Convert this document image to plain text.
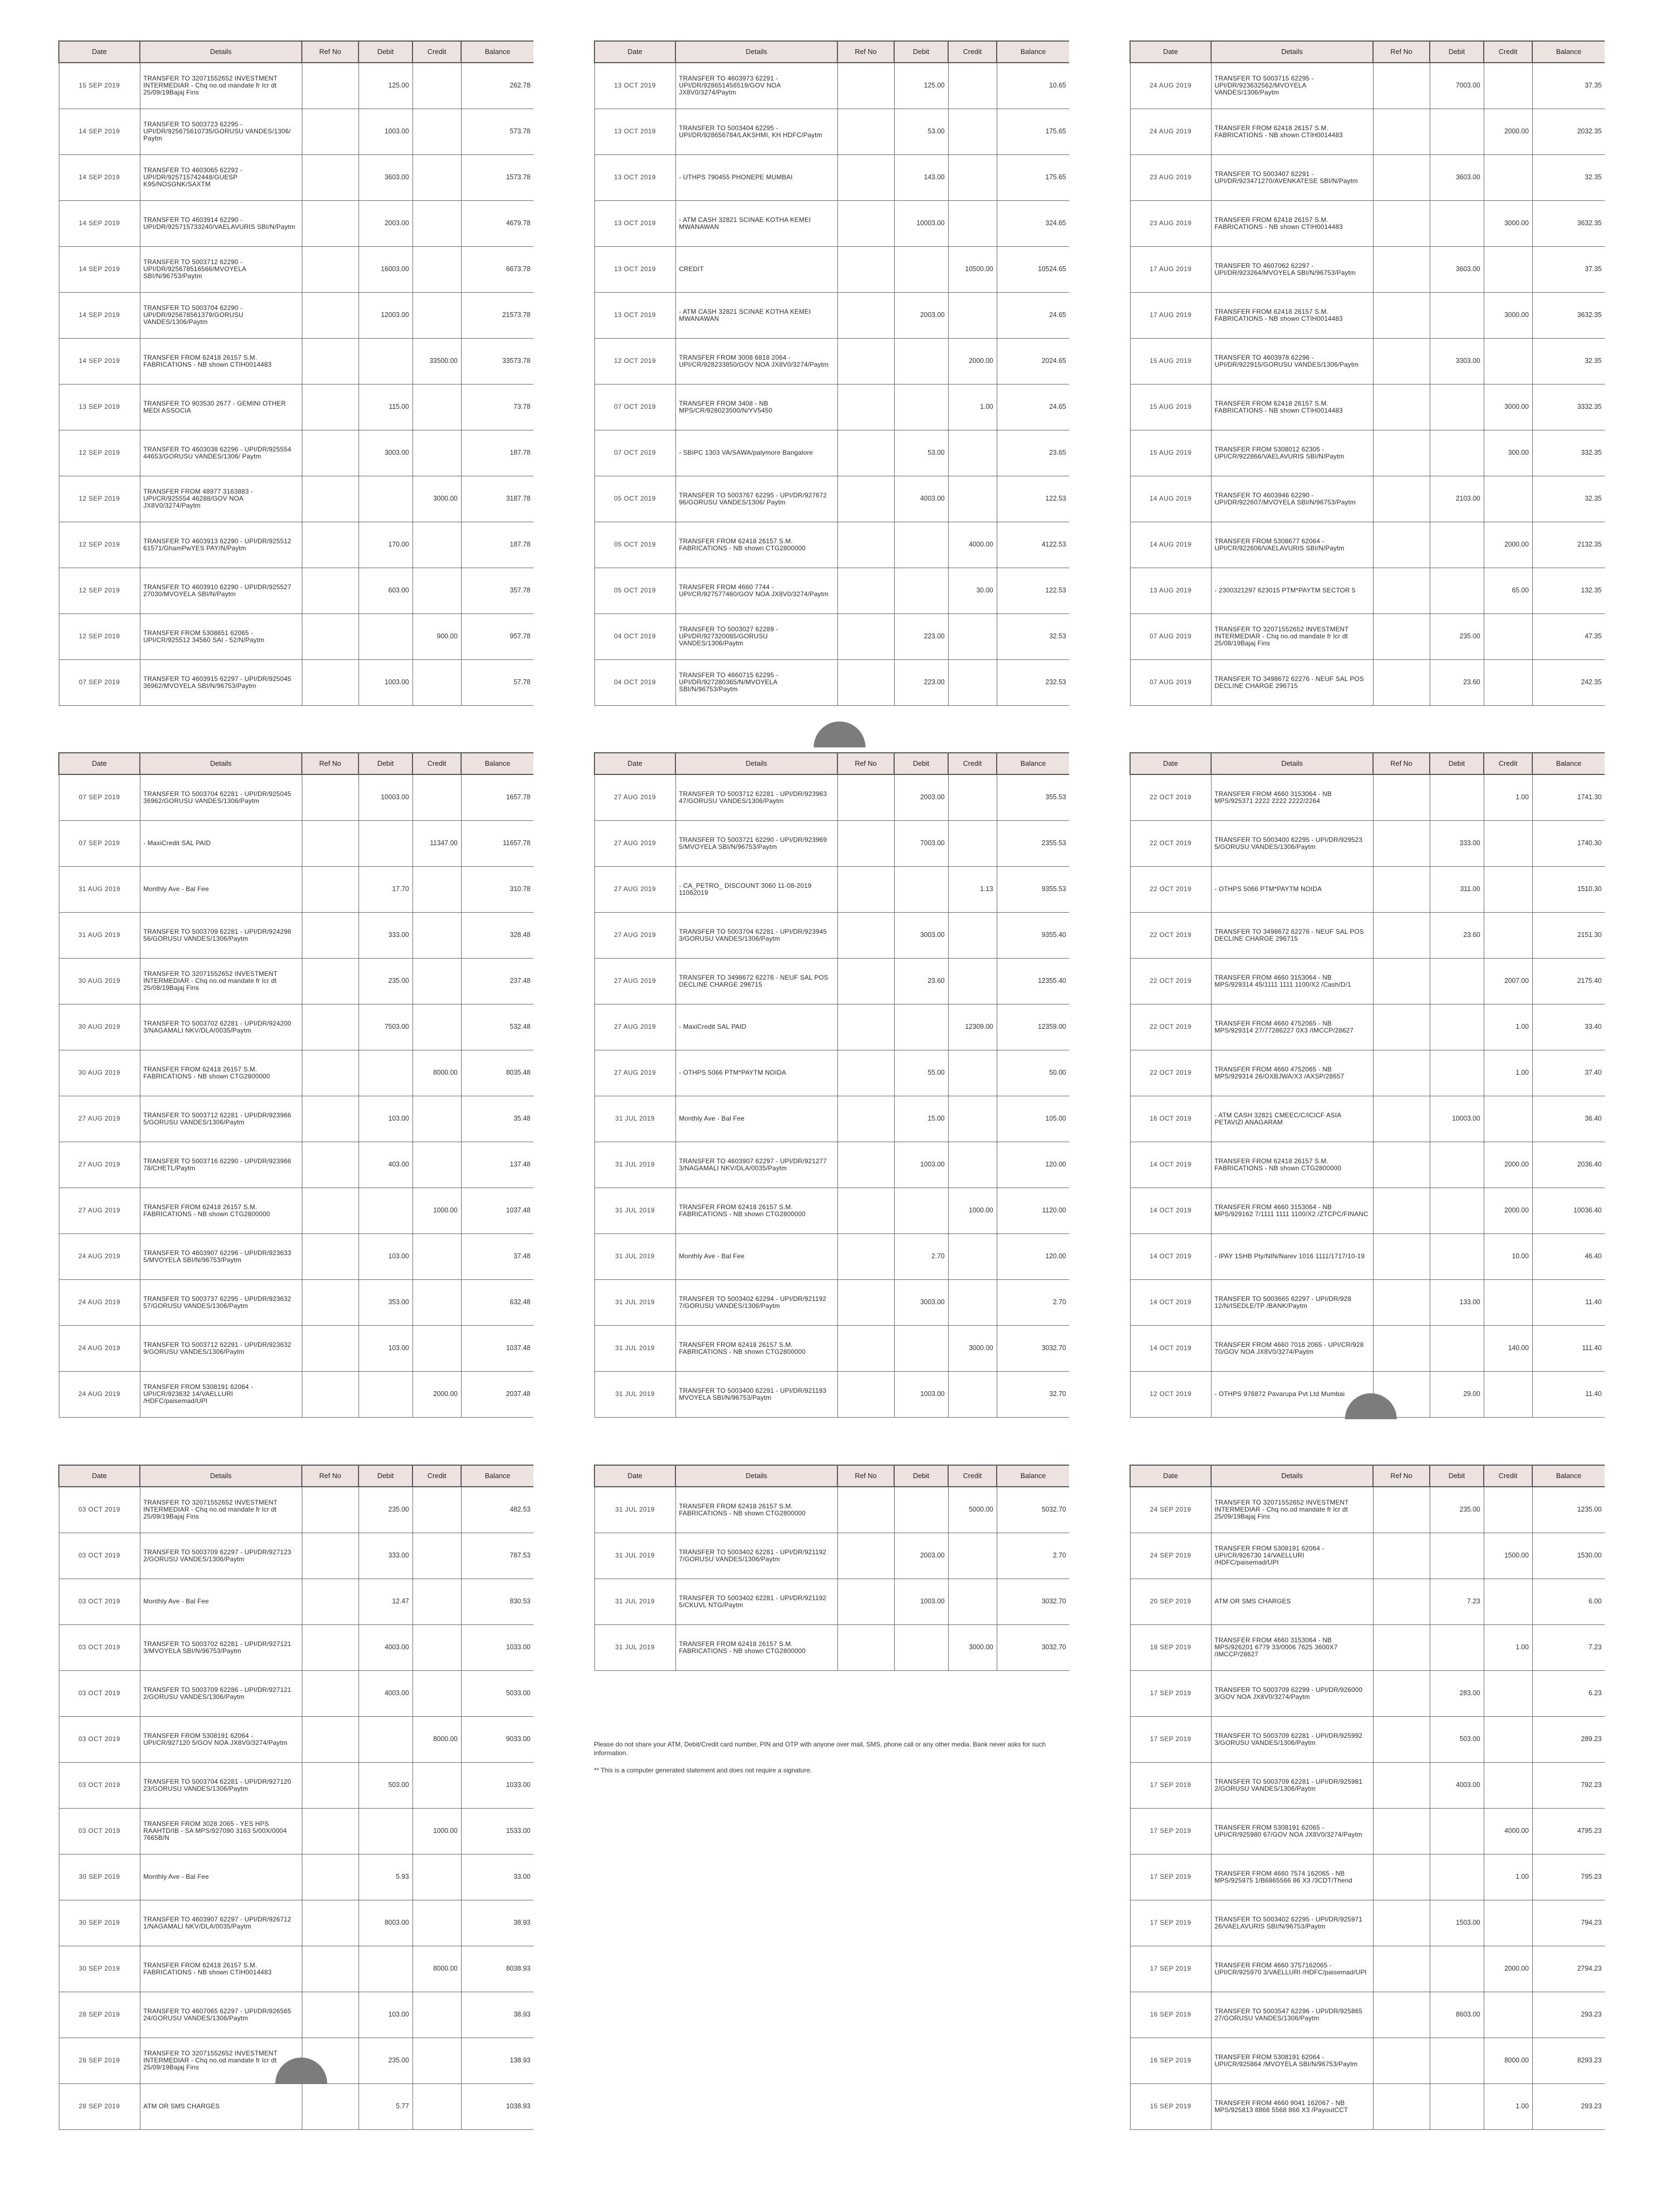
Date	Details	Ref No	Debit	Credit	Balance
15 SEP 2019	TRANSFER TO 32071552652 INVESTMENT INTERMEDIAR - Chq no.od mandate fr lcr dt 25/09/19Bajaj Fins		125.00		262.78
14 SEP 2019	TRANSFER TO 5003723 62295 - UPI/DR/925675610735/GORUSU VANDES/1306/ Paytm		1003.00		573.78
14 SEP 2019	TRANSFER TO 4603065 62292 - UPI/DR/925715742448/GUESP K95/NOSGNK/SAXTM		3603.00		1573.78
14 SEP 2019	TRANSFER TO 4603914 62290 - UPI/DR/925715733240/VAELAVURIS SBI/N/Paytm		2003.00		4679.78
14 SEP 2019	TRANSFER TO 5003712 62290 - UPI/DR/925678516566/MVOYELA SBI/N/96753/Paytm		16003.00		6673.78
14 SEP 2019	TRANSFER TO 5003704 62290 - UPI/DR/925678561379/GORUSU VANDES/1306/Paytm		12003.00		21573.78
14 SEP 2019	TRANSFER FROM 62418 26157 S.M. FABRICATIONS - NB shown CTIH0014483			33500.00	33573.78
13 SEP 2019	TRANSFER TO 903530 2677 - GEMINI OTHER MEDI ASSOCIA		115.00		73.78
12 SEP 2019	TRANSFER TO 4603038 62296 - UPI/DR/925554 44653/GORUSU VANDES/1306/ Paytm		3003.00		187.78
12 SEP 2019	TRANSFER FROM 48977 3163883 - UPI/CR/925554 46288/GOV NOA JX8V0/3274/Paytm			3000.00	3187.78
12 SEP 2019	TRANSFER TO 4603913 62290 - UPI/DR/925512 61571/GhamPwYES PAY/N/Paytm		170.00		187.78
12 SEP 2019	TRANSFER TO 4603910 62290 - UPI/DR/925527 27030/MVOYELA SBI/N/Paytm		603.00		357.78
12 SEP 2019	TRANSFER FROM 5308651 62065 - UPI/CR/925512 34560 SAI - 52/N/Paytm			900.00	957.78
07 SEP 2019	TRANSFER TO 4603915 62297 - UPI/DR/925045 36962/MVOYELA SBI/N/96753/Paytm		1003.00		57.78
Date	Details	Ref No	Debit	Credit	Balance
13 OCT 2019	TRANSFER TO 4603973 62291 - UPI/DR/928651456519/GOV NOA JX8V0/3274/Paytm		125.00		10.65
13 OCT 2019	TRANSFER TO 5003404 62295 - UPI/DR/928656784/LAKSHMI, KH HDFC/Paytm		53.00		175.65
13 OCT 2019	- UTHPS 790455 PHONEPE MUMBAI		143.00		175.65
13 OCT 2019	- ATM CASH 32821 SCINAE KOTHA KEMEI MWANAWAN		10003.00		324.65
13 OCT 2019	CREDIT			10500.00	10524.65
13 OCT 2019	- ATM CASH 32821 SCINAE KOTHA KEMEI MWANAWAN		2003.00		24.65
12 OCT 2019	TRANSFER FROM 3008 6818 2064 - UPI/CR/928233850/GOV NOA JX8V0/3274/Paytm			2000.00	2024.65
07 OCT 2019	TRANSFER FROM 3408 - NB MPS/CR/928023500/N/YV5450			1.00	24.65
07 OCT 2019	- SBIPC 1303 VA/SAWA/palymore Bangalore		53.00		23.65
05 OCT 2019	TRANSFER TO 5003767 62295 - UPI/DR/927672 96/GORUSU VANDES/1306/ Paytm		4003.00		122.53
05 OCT 2019	TRANSFER FROM 62418 26157 S.M. FABRICATIONS - NB shown CTG2800000			4000.00	4122.53
05 OCT 2019	TRANSFER FROM 4660 7744 - UPI/CR/927577460/GOV NOA JX8V0/3274/Paytm			30.00	122.53
04 OCT 2019	TRANSFER TO 5003027 62289 - UPI/DR/927320085/GORUSU VANDES/1306/Paytm		223.00		32.53
04 OCT 2019	TRANSFER TO 4660715 62295 - UPI/DR/927280365/N/MVOYELA SBI/N/96753/Paytm		223.00		232.53
Date	Details	Ref No	Debit	Credit	Balance
24 AUG 2019	TRANSFER TO 5003715 62295 - UPI/DR/923632562/MVOYELA VANDES/1306/Paytm		7003.00		37.35
24 AUG 2019	TRANSFER FROM 62418 26157 S.M. FABRICATIONS - NB shown CTIH0014483			2000.00	2032.35
23 AUG 2019	TRANSFER TO 5003407 62291 - UPI/DR/923471270/AVENKATESE SBI/N/Paytm		3603.00		32.35
23 AUG 2019	TRANSFER FROM 62418 26157 S.M. FABRICATIONS - NB shown CTIH0014483			3000.00	3632.35
17 AUG 2019	TRANSFER TO 4607062 62297 - UPI/DR/923264/MVOYELA SBI/N/96753/Paytm		3603.00		37.35
17 AUG 2019	TRANSFER FROM 62418 26157 S.M. FABRICATIONS - NB shown CTIH0014483			3000.00	3632.35
15 AUG 2019	TRANSFER TO 4603978 62296 - UPI/DR/922915/GORUSU VANDES/1306/Paytm		3303.00		32.35
15 AUG 2019	TRANSFER FROM 62418 26157 S.M. FABRICATIONS - NB shown CTIH0014483			3000.00	3332.35
15 AUG 2019	TRANSFER FROM 5308012 62305 - UPI/CR/922866/VAELAVURIS SBI/N/Paytm			300.00	332.35
14 AUG 2019	TRANSFER TO 4603946 62290 - UPI/DR/922607/MVOYELA SBI/N/96753/Paytm		2103.00		32.35
14 AUG 2019	TRANSFER FROM 5308677 62064 - UPI/CR/922606/VAELAVURIS SBI/N/Paytm			2000.00	2132.35
13 AUG 2019	- 2300321297 623015 PTM*PAYTM SECTOR 5			65.00	132.35
07 AUG 2019	TRANSFER TO 32071552652 INVESTMENT INTERMEDIAR - Chq no.od mandate fr lcr dt 25/08/19Bajaj Fins		235.00		47.35
07 AUG 2019	TRANSFER TO 3498672 62276 - NEUF SAL POS DECLINE CHARGE 296715		23.60		242.35
Date	Details	Ref No	Debit	Credit	Balance
07 SEP 2019	TRANSFER TO 5003704 62281 - UPI/DR/925045 36962/GORUSU VANDES/1306/Paytm		10003.00		1657.78
07 SEP 2019	- MaxiCredit SAL PAID			11347.00	11657.78
31 AUG 2019	Monthly Ave - Bal Fee		17.70		310.78
31 AUG 2019	TRANSFER TO 5003709 62281 - UPI/DR/924298 56/GORUSU VANDES/1306/Paytm		333.00		328.48
30 AUG 2019	TRANSFER TO 32071552652 INVESTMENT INTERMEDIAR - Chq no.od mandate fr lcr dt 25/08/19Bajaj Fins		235.00		237.48
30 AUG 2019	TRANSFER TO 5003702 62281 - UPI/DR/924200 3/NAGAMALI NKV/DLA/0035/Paytm		7503.00		532.48
30 AUG 2019	TRANSFER FROM 62418 26157 S.M. FABRICATIONS - NB shown CTG2800000			8000.00	8035.48
27 AUG 2019	TRANSFER TO 5003712 62281 - UPI/DR/923966 5/GORUSU VANDES/1306/Paytm		103.00		35.48
27 AUG 2019	TRANSFER TO 5003716 62290 - UPI/DR/923966 78/CHETL/Paytm		403.00		137.48
27 AUG 2019	TRANSFER FROM 62418 26157 S.M. FABRICATIONS - NB shown CTG2800000			1000.00	1037.48
24 AUG 2019	TRANSFER TO 4603907 62296 - UPI/DR/923633 5/MVOYELA SBI/N/96753/Paytm		103.00		37.48
24 AUG 2019	TRANSFER TO 5003737 62295 - UPI/DR/923632 57/GORUSU VANDES/1306/Paytm		353.00		632.48
24 AUG 2019	TRANSFER TO 5003712 62291 - UPI/DR/923632 9/GORUSU VANDES/1306/Paytm		103.00		1037.48
24 AUG 2019	TRANSFER FROM 5308191 62064 - UPI/CR/923632 14/VAELLURI /HDFC/paisemad/UPI			2000.00	2037.48
Date	Details	Ref No	Debit	Credit	Balance
27 AUG 2019	TRANSFER TO 5003712 62281 - UPI/DR/923963 47/GORUSU VANDES/1306/Paytm		2003.00		355.53
27 AUG 2019	TRANSFER TO 5003721 62290 - UPI/DR/923969 5/MVOYELA SBI/N/96753/Paytm		7003.00		2355.53
27 AUG 2019	- CA_PETRO_ DISCOUNT 3060 11-08-2019 11062019			1.13	9355.53
27 AUG 2019	TRANSFER TO 5003704 62281 - UPI/DR/923945 3/GORUSU VANDES/1306/Paytm		3003.00		9355.40
27 AUG 2019	TRANSFER TO 3498672 62276 - NEUF SAL POS DECLINE CHARGE 296715		23.60		12355.40
27 AUG 2019	- MaxiCredit SAL PAID			12309.00	12359.00
27 AUG 2019	- OTHPS 5066 PTM*PAYTM NOIDA		55.00		50.00
31 JUL 2019	Monthly Ave - Bal Fee		15.00		105.00
31 JUL 2019	TRANSFER TO 4603907 62297 - UPI/DR/921277 3/NAGAMALI NKV/DLA/0035/Paytm		1003.00		120.00
31 JUL 2019	TRANSFER FROM 62418 26157 S.M. FABRICATIONS - NB shown CTG2800000			1000.00	1120.00
31 JUL 2019	Monthly Ave - Bal Fee		2.70		120.00
31 JUL 2019	TRANSFER TO 5003402 62294 - UPI/DR/921192 7/GORUSU VANDES/1306/Paytm		3003.00		2.70
31 JUL 2019	TRANSFER FROM 62418 26157 S.M. FABRICATIONS - NB shown CTG2800000			3000.00	3032.70
31 JUL 2019	TRANSFER TO 5003400 62291 - UPI/DR/921193 MVOYELA SBI/N/96753/Paytm		1003.00		32.70
Date	Details	Ref No	Debit	Credit	Balance
22 OCT 2019	TRANSFER FROM 4660 3153064 - NB MPS/925371 2222 2222 2222/2264			1.00	1741.30
22 OCT 2019	TRANSFER TO 5003400 62295 - UPI/DR/929523 5/GORUSU VANDES/1306/Paytm		333.00		1740.30
22 OCT 2019	- OTHPS 5066 PTM*PAYTM NOIDA		311.00		1510.30
22 OCT 2019	TRANSFER TO 3498672 62276 - NEUF SAL POS DECLINE CHARGE 296715		23.60		2151.30
22 OCT 2019	TRANSFER FROM 4660 3153064 - NB MPS/929314 45/1111 1111 1100/X2 /Cash/D/1			2007.00	2175.40
22 OCT 2019	TRANSFER FROM 4660 4752065 - NB MPS/929314 27/77286227 0X3 /IMCCP/28627			1.00	33.40
22 OCT 2019	TRANSFER FROM 4660 4752065 - NB MPS/929314 26/OXBJWA/X3 /AXSP/28657			1.00	37.40
16 OCT 2019	- ATM CASH 32821 CMEEC/C/ICICF ASIA PETAVIZI ANAGARAM		10003.00		36.40
14 OCT 2019	TRANSFER FROM 62418 26157 S.M. FABRICATIONS - NB shown CTG2800000			2000.00	2036.40
14 OCT 2019	TRANSFER FROM 4660 3153064 - NB MPS/929162 7/1111 1111 1100/X2 /ZTCPC/FINANC			2000.00	10036.40
14 OCT 2019	- IPAY 1SHB Pty/NIN/Narev 1016 1111/1717/10-19			10.00	46.40
14 OCT 2019	TRANSFER TO 5003665 62297 - UPI/DR/928 12/N/ISEDLE/TP /BANK/Paytm		133.00		11.40
14 OCT 2019	TRANSFER FROM 4660 7016 2065 - UPI/CR/928 70/GOV NOA JX8V0/3274/Paytm			140.00	111.40
12 OCT 2019	- OTHPS 976872 Pavarupa Pvt Ltd Mumbai		29.00		11.40
Date	Details	Ref No	Debit	Credit	Balance
03 OCT 2019	TRANSFER TO 32071552652 INVESTMENT INTERMEDIAR - Chq no.od mandate fr lcr dt 25/09/19Bajaj Fins		235.00		482.53
03 OCT 2019	TRANSFER TO 5003709 62297 - UPI/DR/927123 2/GORUSU VANDES/1306/Paytm		333.00		787.53
03 OCT 2019	Monthly Ave - Bal Fee		12.47		830.53
03 OCT 2019	TRANSFER TO 5003702 62281 - UPI/DR/927121 3/MVOYELA SBI/N/96753/Paytm		4003.00		1033.00
03 OCT 2019	TRANSFER TO 5003709 62286 - UPI/DR/927121 2/GORUSU VANDES/1306/Paytm		4003.00		5033.00
03 OCT 2019	TRANSFER FROM 5308191 62064 - UPI/CR/927120 5/GOV NOA JX8V0/3274/Paytm			8000.00	9033.00
03 OCT 2019	TRANSFER TO 5003704 62281 - UPI/DR/927120 23/GORUSU VANDES/1306/Paytm		503.00		1033.00
03 OCT 2019	TRANSFER FROM 3028 2065 - YES HPS RAAHTD/IB - SA MPS/927090 3163 5/00X/0004 7665B/N			1000.00	1533.00
30 SEP 2019	Monthly Ave - Bal Fee		5.93		33.00
30 SEP 2019	TRANSFER TO 4603907 62297 - UPI/DR/926712 1/NAGAMALI NKV/DLA/0035/Paytm		8003.00		38.93
30 SEP 2019	TRANSFER FROM 62418 26157 S.M. FABRICATIONS - NB shown CTIH0014483			8000.00	8038.93
28 SEP 2019	TRANSFER TO 4607065 62297 - UPI/DR/926565 24/GORUSU VANDES/1306/Paytm		103.00		38.93
28 SEP 2019	TRANSFER TO 32071552652 INVESTMENT INTERMEDIAR - Chq no.od mandate fr lcr dt 25/09/19Bajaj Fins		235.00		138.93
28 SEP 2019	ATM OR SMS CHARGES		5.77		1038.93
Date	Details	Ref No	Debit	Credit	Balance
31 JUL 2019	TRANSFER FROM 62418 26157 S.M. FABRICATIONS - NB shown CTG2800000			5000.00	5032.70
31 JUL 2019	TRANSFER TO 5003402 62281 - UPI/DR/921192 7/GORUSU VANDES/1306/Paytm		2003.00		2.70
31 JUL 2019	TRANSFER TO 5003402 62281 - UPI/DR/921192 5/CKUVL NTG/Paytm		1003.00		3032.70
31 JUL 2019	TRANSFER FROM 62418 26157 S.M. FABRICATIONS - NB shown CTG2800000			3000.00	3032.70
Date	Details	Ref No	Debit	Credit	Balance
24 SEP 2019	TRANSFER TO 32071552652 INVESTMENT INTERMEDIAR - Chq no.od mandate fr lcr dt 25/09/19Bajaj Fins		235.00		1235.00
24 SEP 2019	TRANSFER FROM 5308191 62064 - UPI/CR/926730 14/VAELLURI /HDFC/paisemad/UPI			1500.00	1530.00
20 SEP 2019	ATM OR SMS CHARGES		7.23		6.00
18 SEP 2019	TRANSFER FROM 4660 3153064 - NB MPS/926201 6779 33/0006 7625 3600X7 /IMCCP/28627			1.00	7.23
17 SEP 2019	TRANSFER TO 5003709 62299 - UPI/DR/926000 3/GOV NOA JX8V0/3274/Paytm		283.00		6.23
17 SEP 2019	TRANSFER TO 5003709 62281 - UPI/DR/925992 3/GORUSU VANDES/1306/Paytm		503.00		289.23
17 SEP 2019	TRANSFER TO 5003709 62281 - UPI/DR/925981 2/GORUSU VANDES/1306/Paytm		4003.00		792.23
17 SEP 2019	TRANSFER FROM 5308191 62065 - UPI/CR/925980 67/GOV NOA JX8V0/3274/Paytm			4000.00	4795.23
17 SEP 2019	TRANSFER FROM 4660 7574 162065 - NB MPS/925975 1/B6865566 86 X3 /3CDT/Thend			1.00	795.23
17 SEP 2019	TRANSFER TO 5003402 62295 - UPI/DR/925971 26/VAELAVURIS SBI/N/96753/Paytm		1503.00		794.23
17 SEP 2019	TRANSFER FROM 4660 3757162065 - UPI/CR/925970 3/VAELLURI /HDFC/paisemad/UPI			2000.00	2794.23
16 SEP 2019	TRANSFER TO 5003547 62296 - UPI/DR/925865 27/GORUSU VANDES/1306/Paytm		8603.00		293.23
16 SEP 2019	TRANSFER FROM 5308191 62064 - UPI/CR/925864 /MVOYELA SBI/N/96753/Paytm			8000.00	8293.23
15 SEP 2019	TRANSFER FROM 4660 9041 162067 - NB MPS/925813 8866 5568 866 X3 /PayoutCCT			1.00	293.23

Please do not share your ATM, Debit/Credit card number, PIN and OTP with anyone over mail, SMS, phone call or any other media. Bank never asks for such information.

** This is a computer generated statement and does not require a signature.
